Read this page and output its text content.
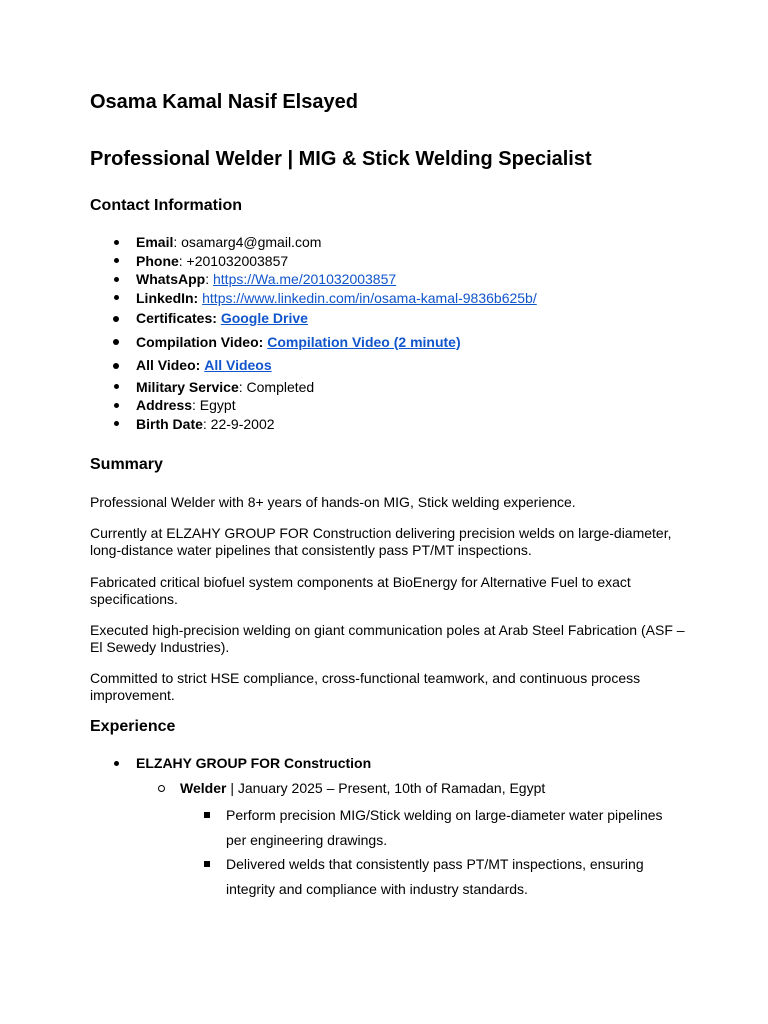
Osama Kamal Nasif Elsayed
Professional Welder | MIG & Stick Welding Specialist
Contact Information
Email: osamarg4@gmail.com
Phone: +201032003857
WhatsApp: https://Wa.me/201032003857
LinkedIn: https://www.linkedin.com/in/osama-kamal-9836b625b/
Certificates: Google Drive
Compilation Video: Compilation Video (2 minute)
All Video: All Videos
Military Service: Completed
Address: Egypt
Birth Date: 22-9-2002
Summary

Professional Welder with 8+ years of hands-on MIG, Stick welding experience.

Currently at ELZAHY GROUP FOR Construction delivering precision welds on large-diameter, long-distance water pipelines that consistently pass PT/MT inspections.

Fabricated critical biofuel system components at BioEnergy for Alternative Fuel to exact specifications.

Executed high-precision welding on giant communication poles at Arab Steel Fabrication (ASF – El Sewedy Industries).

Committed to strict HSE compliance, cross-functional teamwork, and continuous process improvement.

Experience
ELZAHY GROUP FOR Construction
Welder | January 2025 – Present, 10th of Ramadan, Egypt
Perform precision MIG/Stick welding on large-diameter water pipelines per engineering drawings.
Delivered welds that consistently pass PT/MT inspections, ensuring integrity and compliance with industry standards.
